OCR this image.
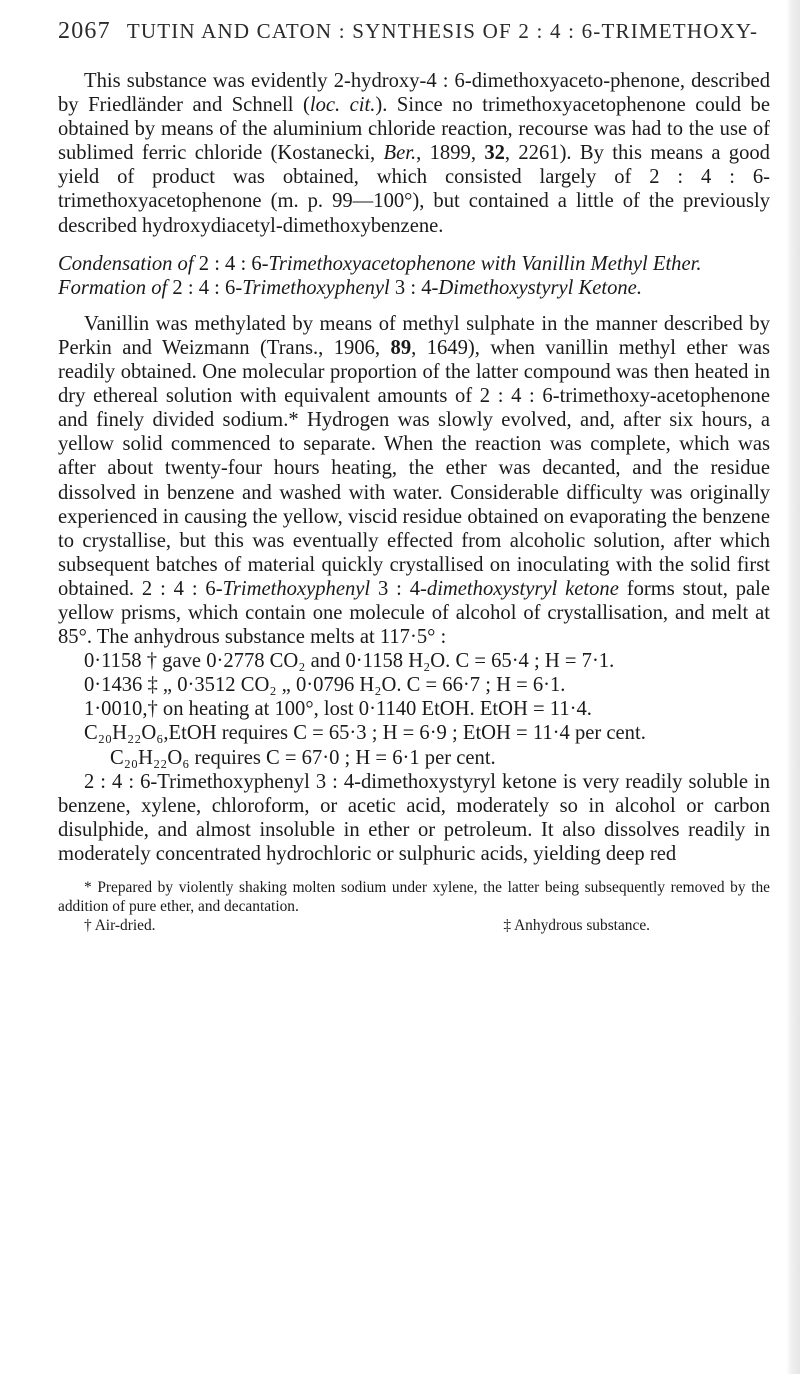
2067 TUTIN AND CATON : SYNTHESIS OF 2 : 4 : 6-TRIMETHOXY-

This substance was evidently 2-hydroxy-4 : 6-dimethoxyaceto-phenone, described by Friedländer and Schnell (loc. cit.). Since no trimethoxyacetophenone could be obtained by means of the aluminium chloride reaction, recourse was had to the use of sublimed ferric chloride (Kostanecki, Ber., 1899, 32, 2261). By this means a good yield of product was obtained, which consisted largely of 2 : 4 : 6-trimethoxyacetophenone (m. p. 99—100°), but contained a little of the previously described hydroxydiacetyl-dimethoxybenzene.

Condensation of 2 : 4 : 6-Trimethoxyacetophenone with Vanillin Methyl Ether. Formation of 2 : 4 : 6-Trimethoxyphenyl 3 : 4-Dimethoxystyryl Ketone.

Vanillin was methylated by means of methyl sulphate in the manner described by Perkin and Weizmann (Trans., 1906, 89, 1649), when vanillin methyl ether was readily obtained. One molecular proportion of the latter compound was then heated in dry ethereal solution with equivalent amounts of 2 : 4 : 6-trimethoxy-acetophenone and finely divided sodium.* Hydrogen was slowly evolved, and, after six hours, a yellow solid commenced to separate. When the reaction was complete, which was after about twenty-four hours heating, the ether was decanted, and the residue dissolved in benzene and washed with water. Considerable difficulty was originally experienced in causing the yellow, viscid residue obtained on evaporating the benzene to crystallise, but this was eventually effected from alcoholic solution, after which subsequent batches of material quickly crystallised on inoculating with the solid first obtained. 2 : 4 : 6-Trimethoxyphenyl 3 : 4-dimethoxystyryl ketone forms stout, pale yellow prisms, which contain one molecule of alcohol of crystallisation, and melt at 85°. The anhydrous substance melts at 117·5° :

0·1158 † gave 0·2778 CO₂ and 0·1158 H₂O. C = 65·4 ; H = 7·1.
0·1436 ‡ „ 0·3512 CO₂ „ 0·0796 H₂O. C = 66·7 ; H = 6·1.
1·0010,† on heating at 100°, lost 0·1140 EtOH. EtOH = 11·4.
C₂₀H₂₂O₆,EtOH requires C = 65·3 ; H = 6·9 ; EtOH = 11·4 per cent.
C₂₀H₂₂O₆ requires C = 67·0 ; H = 6·1 per cent.

2 : 4 : 6-Trimethoxyphenyl 3 : 4-dimethoxystyryl ketone is very readily soluble in benzene, xylene, chloroform, or acetic acid, moderately so in alcohol or carbon disulphide, and almost insoluble in ether or petroleum. It also dissolves readily in moderately concentrated hydrochloric or sulphuric acids, yielding deep red

* Prepared by violently shaking molten sodium under xylene, the latter being subsequently removed by the addition of pure ether, and decantation.

† Air-dried.	‡ Anhydrous substance.
